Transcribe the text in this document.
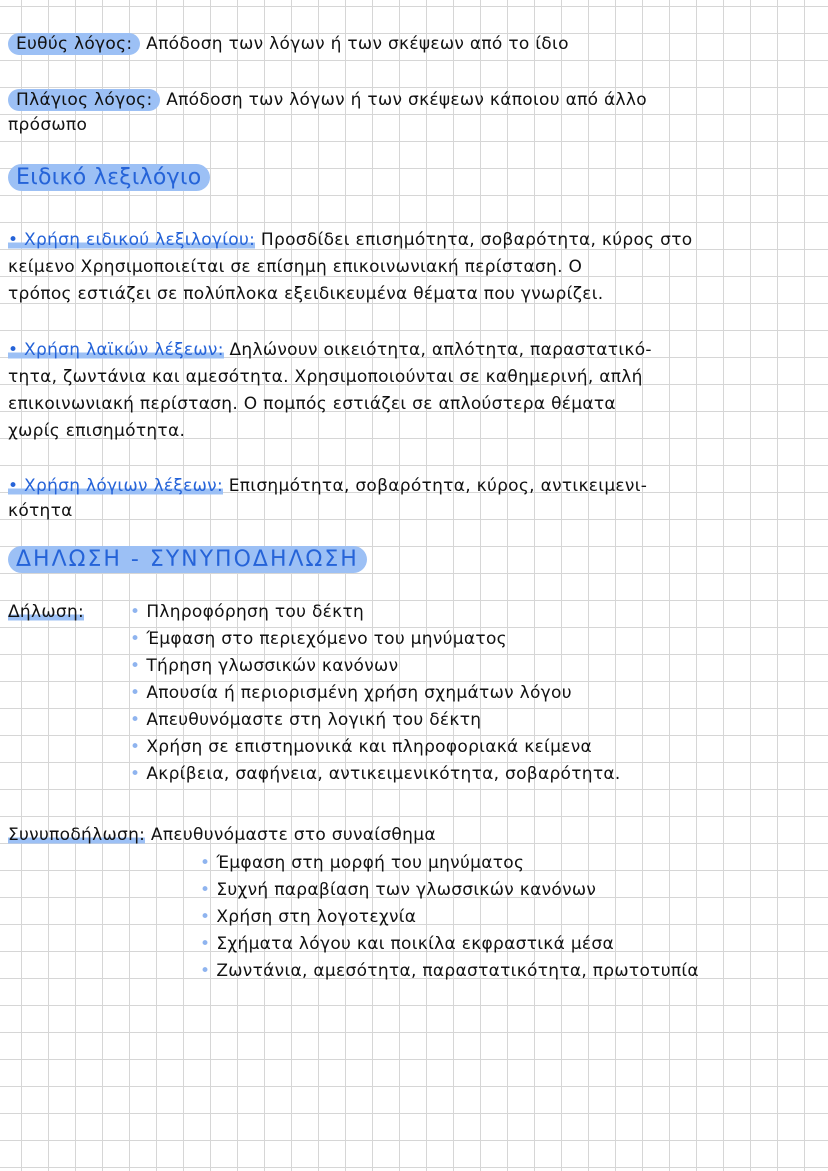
Ευθύς λόγος: Απόδοση των λόγων ή των σκέψεων από το ίδιο
Πλάγιος λόγος: Απόδοση των λόγων ή των σκέψεων κάποιου από άλλο
πρόσωπο
Ειδικό λεξιλόγιο
• Χρήση ειδικού λεξιλογίου: Προσδίδει επισημότητα, σοβαρότητα, κύρος στο
κείμενο Χρησιμοποιείται σε επίσημη επικοινωνιακή περίσταση. Ο
τρόπος εστιάζει σε πολύπλοκα εξειδικευμένα θέματα που γνωρίζει.
• Χρήση λαϊκών λέξεων: Δηλώνουν οικειότητα, απλότητα, παραστατικό-
τητα, ζωντάνια και αμεσότητα. Χρησιμοποιούνται σε καθημερινή, απλή
επικοινωνιακή περίσταση. Ο πομπός εστιάζει σε απλούστερα θέματα
χωρίς επισημότητα.
• Χρήση λόγιων λέξεων: Επισημότητα, σοβαρότητα, κύρος, αντικειμενι-
κότητα
ΔΗΛΩΣΗ - ΣΥΝΥΠΟΔΗΛΩΣΗ
Δήλωση:	• Πληροφόρηση του δέκτη
• Έμφαση στο περιεχόμενο του μηνύματος
• Τήρηση γλωσσικών κανόνων
• Απουσία ή περιορισμένη χρήση σχημάτων λόγου
• Απευθυνόμαστε στη λογική του δέκτη
• Χρήση σε επιστημονικά και πληροφοριακά κείμενα
• Ακρίβεια, σαφήνεια, αντικειμενικότητα, σοβαρότητα.
Συνυποδήλωση: Απευθυνόμαστε στο συναίσθημα
• Έμφαση στη μορφή του μηνύματος
• Συχνή παραβίαση των γλωσσικών κανόνων
• Χρήση στη λογοτεχνία
• Σχήματα λόγου και ποικίλα εκφραστικά μέσα
• Ζωντάνια, αμεσότητα, παραστατικότητα, πρωτοτυπία
